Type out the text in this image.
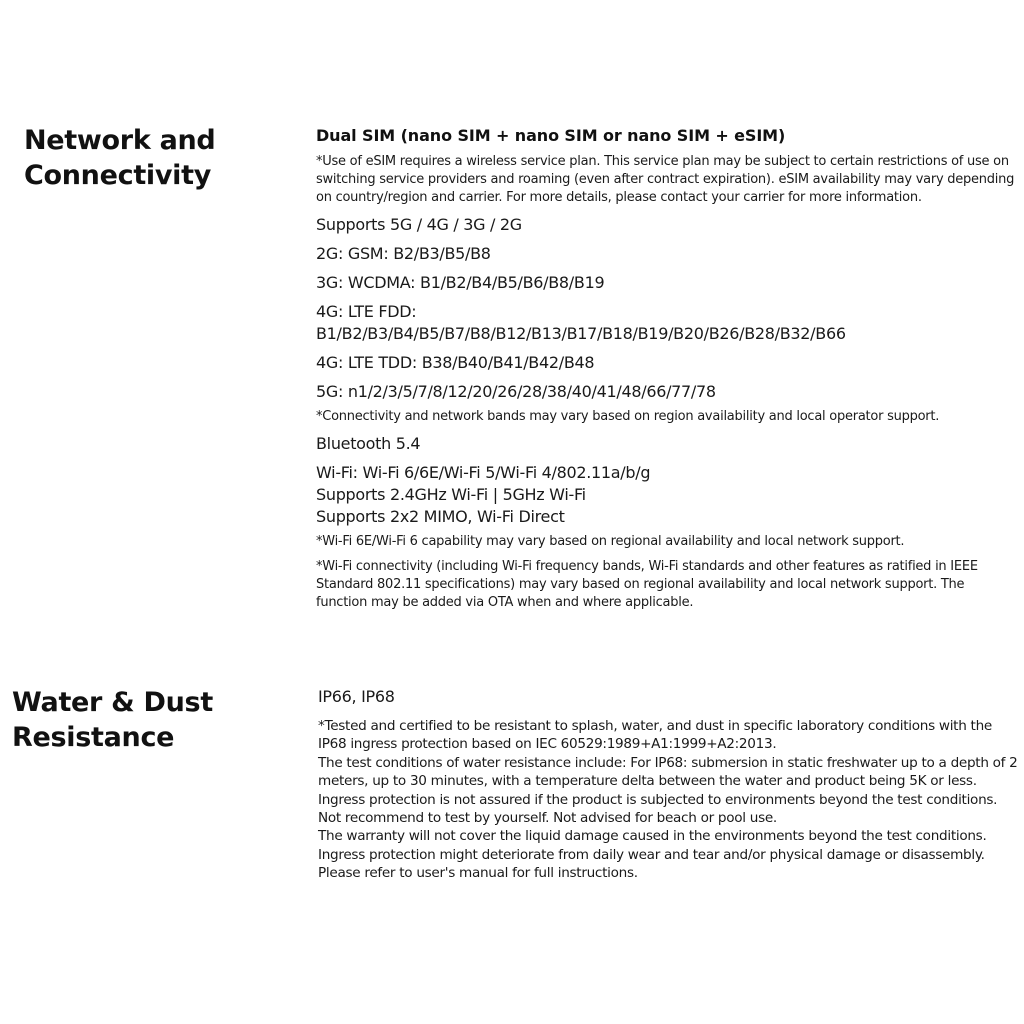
Network and
Connectivity

Dual SIM (nano SIM + nano SIM or nano SIM + eSIM)

*Use of eSIM requires a wireless service plan. This service plan may be subject to certain restrictions of use on switching service providers and roaming (even after contract expiration). eSIM availability may vary depending on country/region and carrier. For more details, please contact your carrier for more information.

Supports 5G / 4G / 3G / 2G

2G: GSM: B2/B3/B5/B8

3G: WCDMA: B1/B2/B4/B5/B6/B8/B19

4G: LTE FDD:
B1/B2/B3/B4/B5/B7/B8/B12/B13/B17/B18/B19/B20/B26/B28/B32/B66

4G: LTE TDD: B38/B40/B41/B42/B48

5G: n1/2/3/5/7/8/12/20/26/28/38/40/41/48/66/77/78

*Connectivity and network bands may vary based on region availability and local operator support.

Bluetooth 5.4

Wi-Fi: Wi-Fi 6/6E/Wi-Fi 5/Wi-Fi 4/802.11a/b/g
Supports 2.4GHz Wi-Fi | 5GHz Wi-Fi
Supports 2x2 MIMO, Wi-Fi Direct

*Wi-Fi 6E/Wi-Fi 6 capability may vary based on regional availability and local network support.

*Wi-Fi connectivity (including Wi-Fi frequency bands, Wi-Fi standards and other features as ratified in IEEE Standard 802.11 specifications) may vary based on regional availability and local network support. The function may be added via OTA when and where applicable.

Water & Dust
Resistance

IP66, IP68

*Tested and certified to be resistant to splash, water, and dust in specific laboratory conditions with the IP68 ingress protection based on IEC 60529:1989+A1:1999+A2:2013.
The test conditions of water resistance include: For IP68: submersion in static freshwater up to a depth of 2 meters, up to 30 minutes, with a temperature delta between the water and product being 5K or less. Ingress protection is not assured if the product is subjected to environments beyond the test conditions. Not recommend to test by yourself. Not advised for beach or pool use.
The warranty will not cover the liquid damage caused in the environments beyond the test conditions.
Ingress protection might deteriorate from daily wear and tear and/or physical damage or disassembly. Please refer to user's manual for full instructions.
